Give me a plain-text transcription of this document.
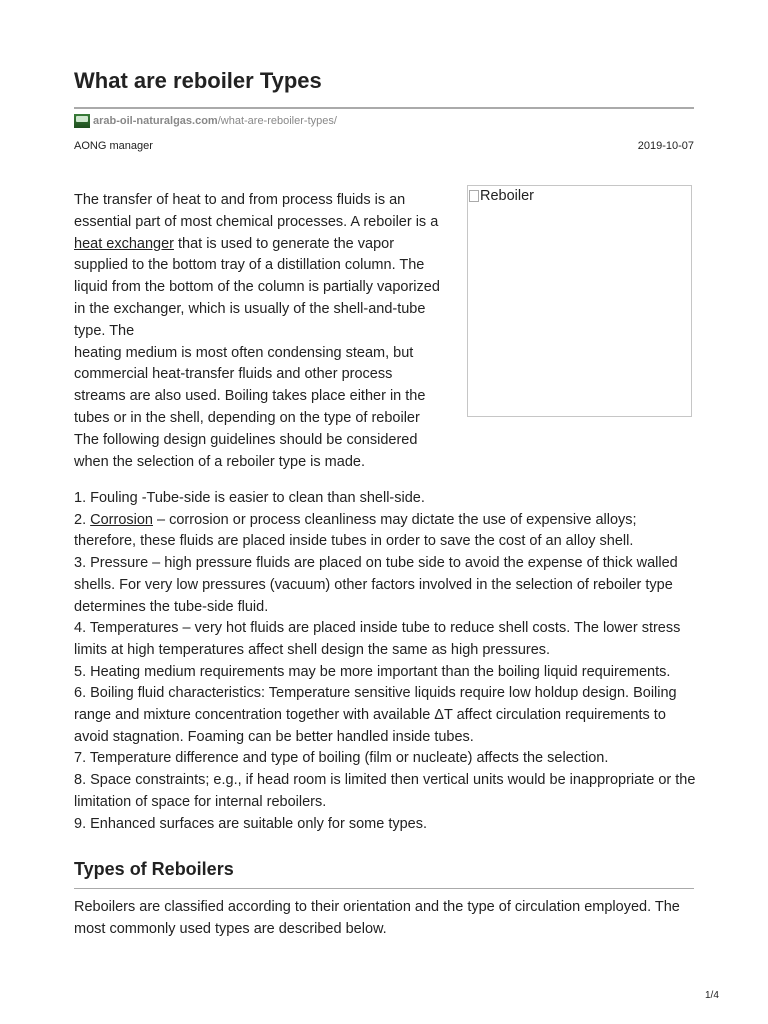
What are reboiler Types
arab-oil-naturalgas.com /what-are-reboiler-types/
AONG manager	2019-10-07

The transfer of heat to and from process fluids is an essential part of most chemical processes. A reboiler is a heat exchanger that is used to generate the vapor supplied to the bottom tray of a distillation column. The liquid from the bottom of the column is partially vaporized in the exchanger, which is usually of the shell-and-tube type. The

heating medium is most often condensing steam, but commercial heat-transfer fluids and other process streams are also used. Boiling takes place either in the tubes or in the shell, depending on the type of reboiler The following design guidelines should be considered when the selection of a reboiler type is made.

Reboiler
1. Fouling -Tube-side is easier to clean than shell-side.
2. Corrosion – corrosion or process cleanliness may dictate the use of expensive alloys; therefore, these fluids are placed inside tubes in order to save the cost of an alloy shell.
3. Pressure – high pressure fluids are placed on tube side to avoid the expense of thick walled shells. For very low pressures (vacuum) other factors involved in the selection of reboiler type determines the tube-side fluid.
4. Temperatures – very hot fluids are placed inside tube to reduce shell costs. The lower stress limits at high temperatures affect shell design the same as high pressures.
5. Heating medium requirements may be more important than the boiling liquid requirements.
6. Boiling fluid characteristics: Temperature sensitive liquids require low holdup design. Boiling range and mixture concentration together with available ΔT affect circulation requirements to avoid stagnation. Foaming can be better handled inside tubes.
7. Temperature difference and type of boiling (film or nucleate) affects the selection.
8. Space constraints; e.g., if head room is limited then vertical units would be inappropriate or the limitation of space for internal reboilers.
9. Enhanced surfaces are suitable only for some types.
Types of Reboilers

Reboilers are classified according to their orientation and the type of circulation employed. The most commonly used types are described below.

1/4
